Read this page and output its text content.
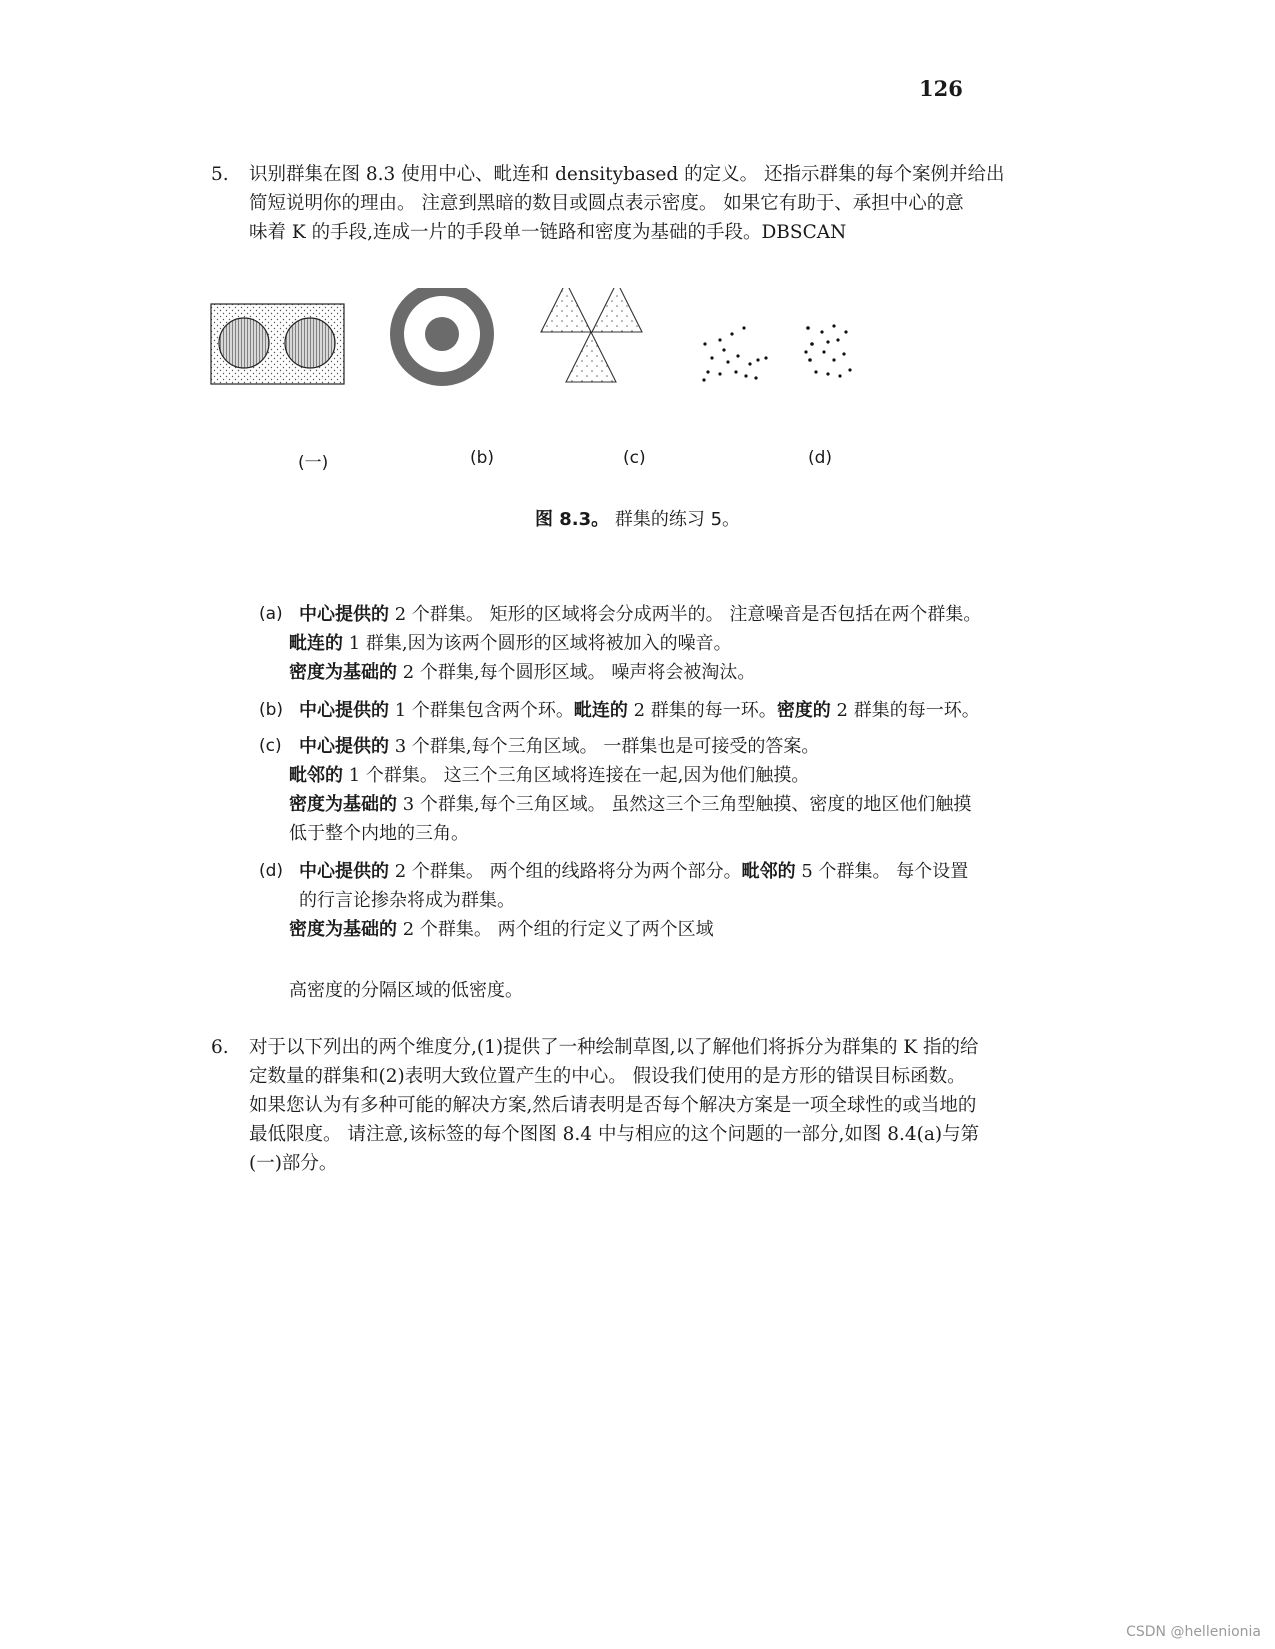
126
5. 识别群集在图 8.3 使用中心、毗连和 densitybased 的定义。 还指示群集的每个案例并给出
简短说明你的理由。 注意到黑暗的数目或圆点表示密度。 如果它有助于、承担中心的意
味着 K 的手段,连成一片的手段单一链路和密度为基础的手段。DBSCAN
(一)	(b)	(c)	(d)
图 8.3。 群集的练习 5。
(a) 中心提供的 2 个群集。 矩形的区域将会分成两半的。 注意噪音是否包括在两个群集。
毗连的 1 群集,因为该两个圆形的区域将被加入的噪音。
密度为基础的 2 个群集,每个圆形区域。 噪声将会被淘汰。
(b) 中心提供的 1 个群集包含两个环。毗连的 2 群集的每一环。密度的 2 群集的每一环。
(c) 中心提供的 3 个群集,每个三角区域。 一群集也是可接受的答案。
毗邻的 1 个群集。 这三个三角区域将连接在一起,因为他们触摸。
密度为基础的 3 个群集,每个三角区域。 虽然这三个三角型触摸、密度的地区他们触摸
低于整个内地的三角。
(d) 中心提供的 2 个群集。 两个组的线路将分为两个部分。毗邻的 5 个群集。 每个设置
的行言论掺杂将成为群集。
密度为基础的 2 个群集。 两个组的行定义了两个区域
高密度的分隔区域的低密度。
6. 对于以下列出的两个维度分,(1)提供了一种绘制草图,以了解他们将拆分为群集的 K 指的给
定数量的群集和(2)表明大致位置产生的中心。 假设我们使用的是方形的错误目标函数。
如果您认为有多种可能的解决方案,然后请表明是否每个解决方案是一项全球性的或当地的
最低限度。 请注意,该标签的每个图图 8.4 中与相应的这个问题的一部分,如图 8.4(a)与第
(一)部分。
CSDN @hellenionia
